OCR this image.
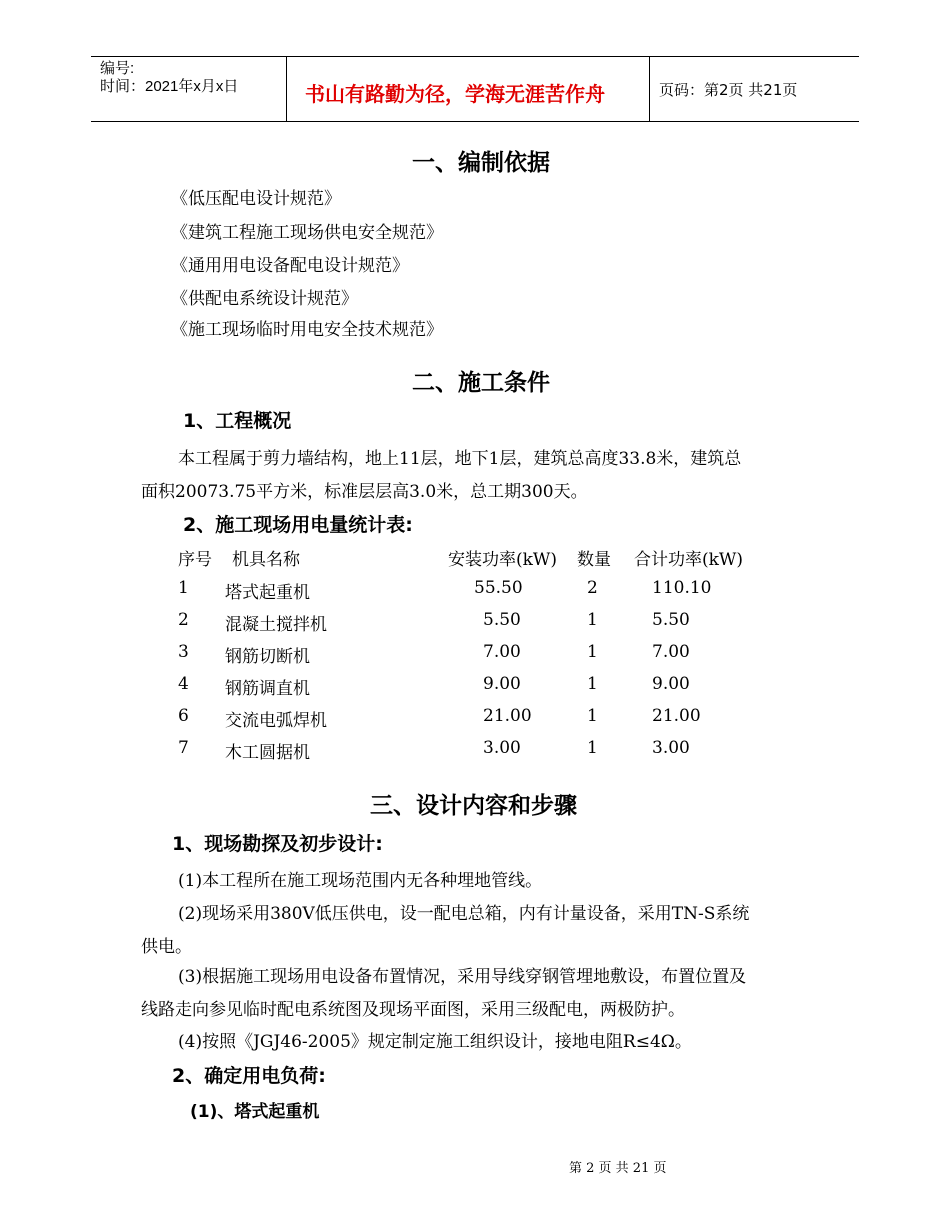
编号:
时间：2021年x月x日	书山有路勤为径，学海无涯苦作舟	页码：第2页 共21页
一、编制依据
《低压配电设计规范》
《建筑工程施工现场供电安全规范》
《通用用电设备配电设计规范》
《供配电系统设计规范》
《施工现场临时用电安全技术规范》
二、施工条件
1、工程概况
本工程属于剪力墙结构，地上11层，地下1层，建筑总高度33.8米，建筑总
面积20073.75平方米，标准层层高3.0米，总工期300天。
2、施工现场用电量统计表:
序号 机具名称	安装功率(kW) 数量 合计功率(kW)
1 塔式起重机	55.50	2	110.10
2 混凝土搅拌机	5.50	1	5.50
3 钢筋切断机	7.00	1	7.00
4 钢筋调直机	9.00	1	9.00
6 交流电弧焊机	21.00	1	21.00
7 木工圆据机	3.00	1	3.00
三、设计内容和步骤
1、现场勘探及初步设计:
(1)本工程所在施工现场范围内无各种埋地管线。
(2)现场采用380V低压供电，设一配电总箱，内有计量设备，采用TN-S系统
供电。
(3)根据施工现场用电设备布置情况，采用导线穿钢管埋地敷设，布置位置及
线路走向参见临时配电系统图及现场平面图，采用三级配电，两极防护。
(4)按照《JGJ46-2005》规定制定施工组织设计，接地电阻R≤4Ω。
2、确定用电负荷:
(1)、塔式起重机
第 2 页 共 21 页
